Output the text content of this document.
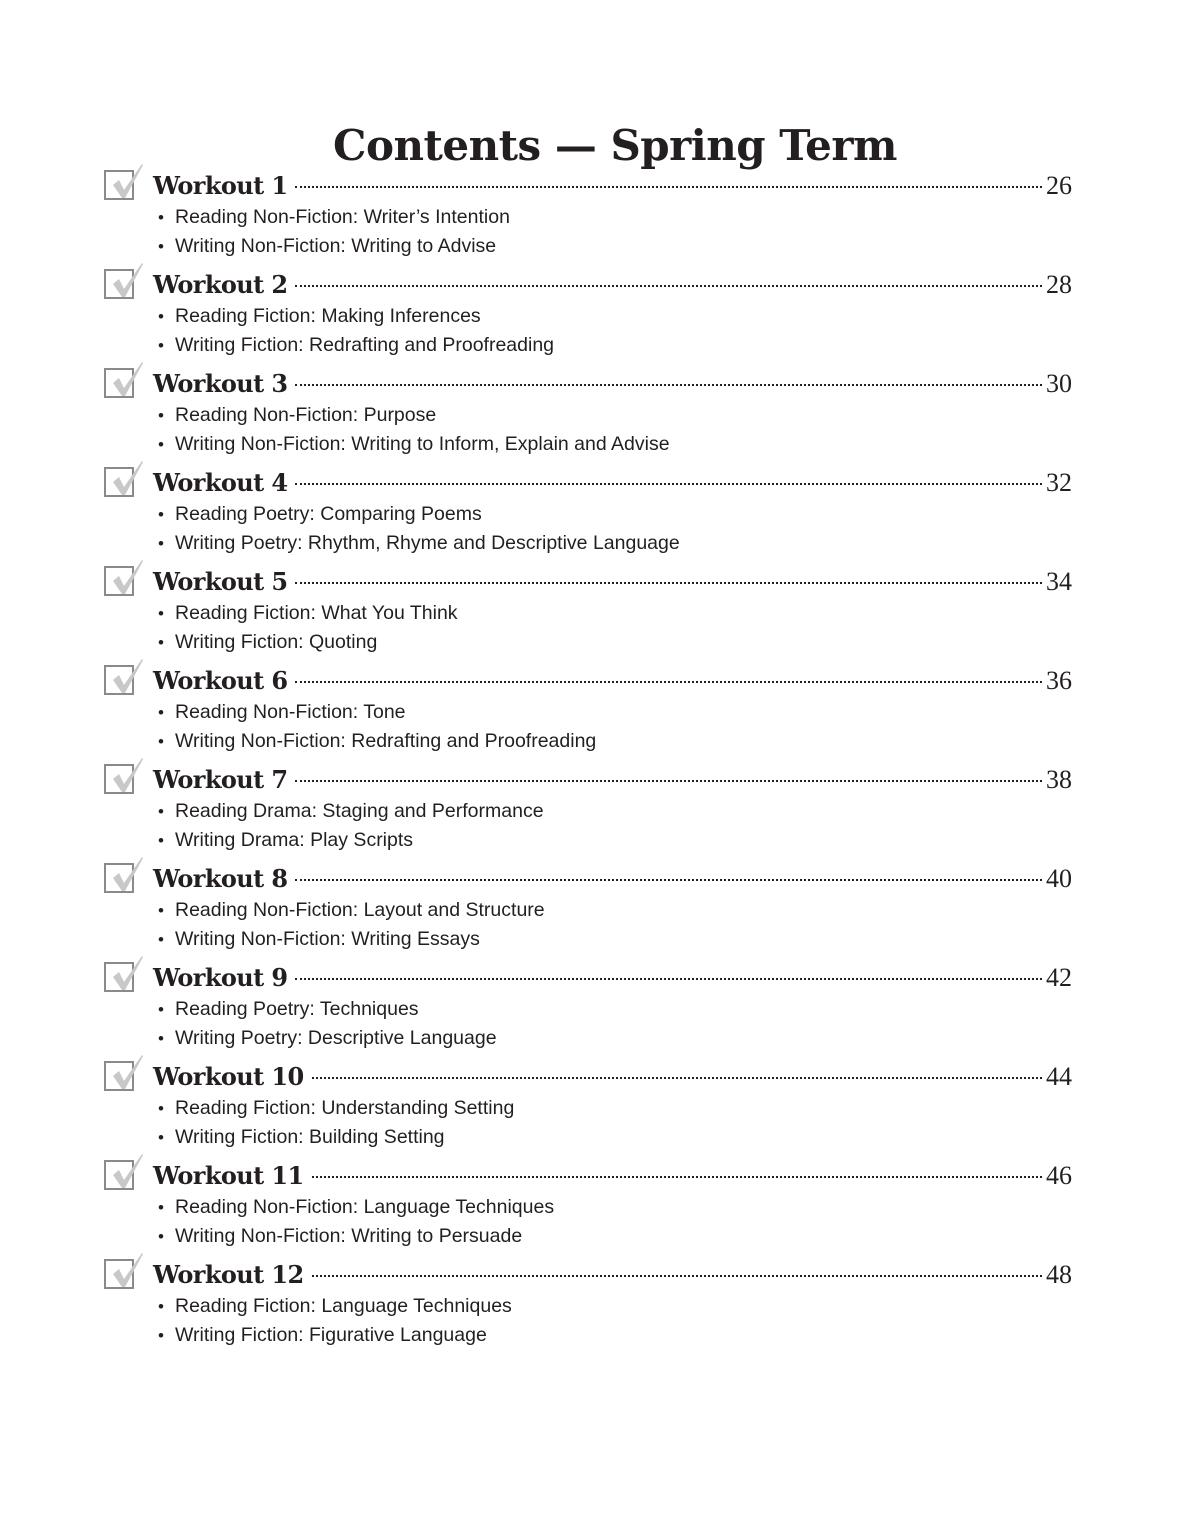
Contents — Spring Term
Workout 1	26
• Reading Non-Fiction: Writer’s Intention
• Writing Non-Fiction: Writing to Advise
Workout 2	28
• Reading Fiction: Making Inferences
• Writing Fiction: Redrafting and Proofreading
Workout 3	30
• Reading Non-Fiction: Purpose
• Writing Non-Fiction: Writing to Inform, Explain and Advise
Workout 4	32
• Reading Poetry: Comparing Poems
• Writing Poetry: Rhythm, Rhyme and Descriptive Language
Workout 5	34
• Reading Fiction: What You Think
• Writing Fiction: Quoting
Workout 6	36
• Reading Non-Fiction: Tone
• Writing Non-Fiction: Redrafting and Proofreading
Workout 7	38
• Reading Drama: Staging and Performance
• Writing Drama: Play Scripts
Workout 8	40
• Reading Non-Fiction: Layout and Structure
• Writing Non-Fiction: Writing Essays
Workout 9	42
• Reading Poetry: Techniques
• Writing Poetry: Descriptive Language
Workout 10	44
• Reading Fiction: Understanding Setting
• Writing Fiction: Building Setting
Workout 11	46
• Reading Non-Fiction: Language Techniques
• Writing Non-Fiction: Writing to Persuade
Workout 12	48
• Reading Fiction: Language Techniques
• Writing Fiction: Figurative Language
